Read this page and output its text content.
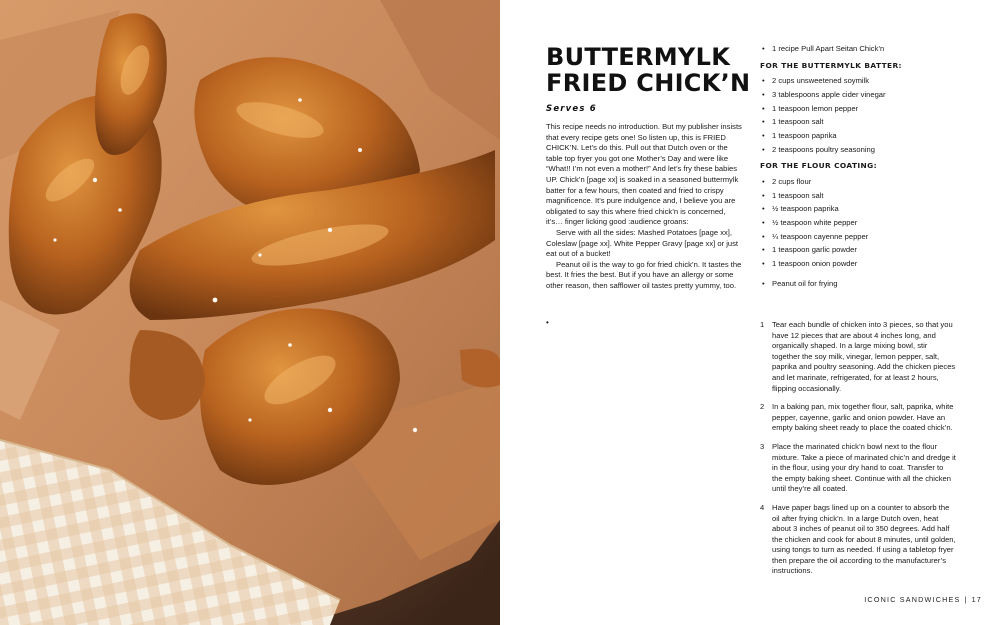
BUTTERMYLK
FRIED CHICK’N
Serves 6

This recipe needs no introduction. But my publisher insists that every recipe gets one! So listen up, this is FRIED CHICK’N. Let’s do this. Pull out that Dutch oven or the table top fryer you got one Mother’s Day and were like “What!! I’m not even a mother!” And let’s fry these babies UP. Chick’n [page xx] is soaked in a seasoned buttermylk batter for a few hours, then coated and fried to crispy magnificence. It’s pure indulgence and, I believe you are obligated to say this where fried chick’n is concerned, it’s… finger licking good :audience groans:

Serve with all the sides: Mashed Potatoes [page xx], Coleslaw [page xx]. White Pepper Gravy [page xx] or just eat out of a bucket!

Peanut oil is the way to go for fried chick’n. It tastes the best. It fries the best. But if you have an allergy or some other reason, then safflower oil tastes pretty yummy, too.

•
• 1 recipe Pull Apart Seitan Chick’n
FOR THE BUTTERMYLK BATTER:
• 2 cups unsweetened soymilk
• 3 tablespoons apple cider vinegar
• 1 teaspoon lemon pepper
• 1 teaspoon salt
• 1 teaspoon paprika
• 2 teaspoons poultry seasoning
FOR THE FLOUR COATING:
• 2 cups flour
• 1 teaspoon salt
• ½ teaspoon paprika
• ½ teaspoon white pepper
• ¼ teaspoon cayenne pepper
• 1 teaspoon garlic powder
• 1 teaspoon onion powder
• Peanut oil for frying
1 Tear each bundle of chicken into 3 pieces, so that you have 12 pieces that are about 4 inches long, and organically shaped. In a large mixing bowl, stir together the soy milk, vinegar, lemon pepper, salt, paprika and poultry seasoning. Add the chicken pieces and let marinate, refrigerated, for at least 2 hours, flipping occasionally.
2 In a baking pan, mix together flour, salt, paprika, white pepper, cayenne, garlic and onion powder. Have an empty baking sheet ready to place the coated chick’n.
3 Place the marinated chick’n bowl next to the flour mixture. Take a piece of marinated chic’n and dredge it in the flour, using your dry hand to coat. Transfer to the empty baking sheet. Continue with all the chicken until they’re all coated.
4 Have paper bags lined up on a counter to absorb the oil after frying chick’n. In a large Dutch oven, heat about 3 inches of peanut oil to 350 degrees. Add half the chicken and cook for about 8 minutes, until golden, using tongs to turn as needed. If using a tabletop fryer then prepare the oil according to the manufacturer’s instructions.
ICONIC SANDWICHES | 17
